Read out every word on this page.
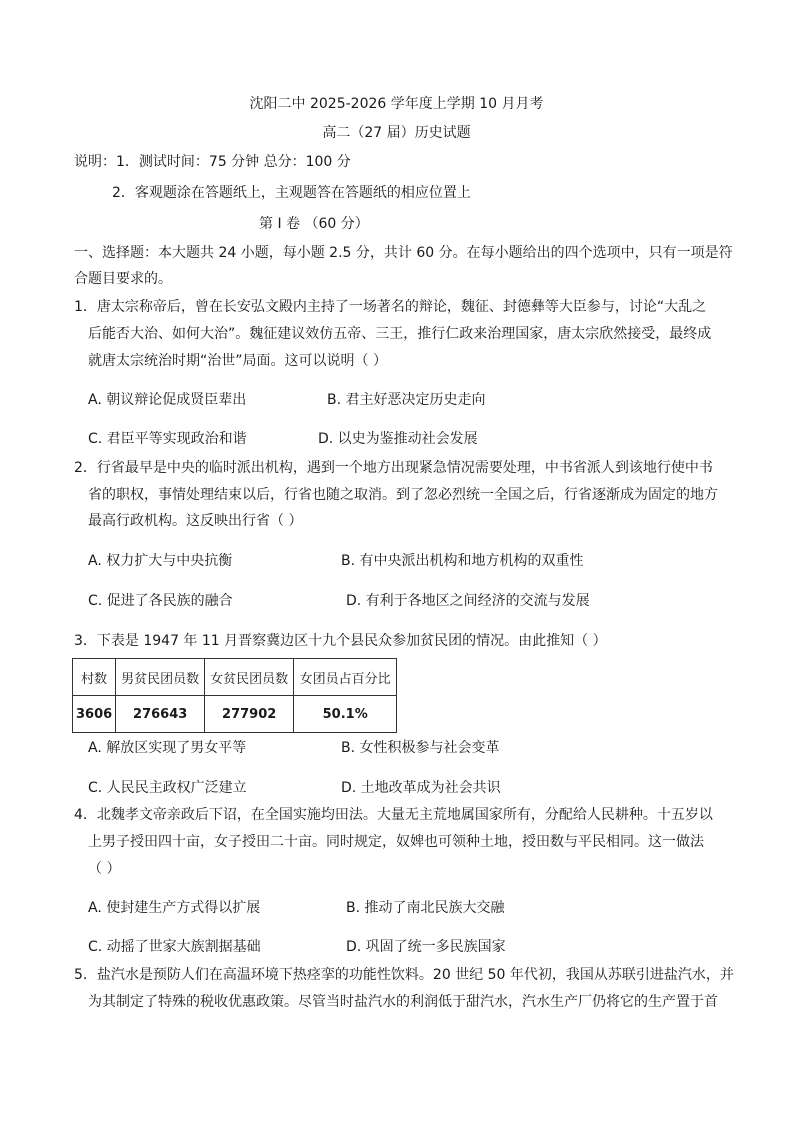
沈阳二中 2025-2026 学年度上学期 10 月月考
高二（27 届）历史试题
说明：1．测试时间：75 分钟 总分：100 分
2．客观题涂在答题纸上，主观题答在答题纸的相应位置上
第 I 卷 （60 分）
一、选择题：本大题共 24 小题，每小题 2.5 分，共计 60 分。在每小题给出的四个选项中，只有一项是符
合题目要求的。
1．唐太宗称帝后，曾在长安弘文殿内主持了一场著名的辩论，魏征、封德彝等大臣参与，讨论“大乱之
后能否大治、如何大治”。魏征建议效仿五帝、三王，推行仁政来治理国家，唐太宗欣然接受，最终成
就唐太宗统治时期“治世”局面。这可以说明（ ）
A. 朝议辩论促成贤臣辈出	B. 君主好恶决定历史走向
C. 君臣平等实现政治和谐	D. 以史为鉴推动社会发展
2．行省最早是中央的临时派出机构，遇到一个地方出现紧急情况需要处理，中书省派人到该地行使中书
省的职权，事情处理结束以后，行省也随之取消。到了忽必烈统一全国之后，行省逐渐成为固定的地方
最高行政机构。这反映出行省（ ）
A. 权力扩大与中央抗衡	B. 有中央派出机构和地方机构的双重性
C. 促进了各民族的融合	D. 有利于各地区之间经济的交流与发展
3．下表是 1947 年 11 月晋察冀边区十九个县民众参加贫民团的情况。由此推知（ ）
村数	男贫民团员数	女贫民团员数	女团员占百分比
3606	276643	277902	50.1%
A. 解放区实现了男女平等	B. 女性积极参与社会变革
C. 人民民主政权广泛建立	D. 土地改革成为社会共识
4．北魏孝文帝亲政后下诏，在全国实施均田法。大量无主荒地属国家所有，分配给人民耕种。十五岁以
上男子授田四十亩，女子授田二十亩。同时规定，奴婢也可领种土地，授田数与平民相同。这一做法
（ ）
A. 使封建生产方式得以扩展	B. 推动了南北民族大交融
C. 动摇了世家大族割据基础	D. 巩固了统一多民族国家
5．盐汽水是预防人们在高温环境下热痉挛的功能性饮料。20 世纪 50 年代初，我国从苏联引进盐汽水，并
为其制定了特殊的税收优惠政策。尽管当时盐汽水的利润低于甜汽水，汽水生产厂仍将它的生产置于首
